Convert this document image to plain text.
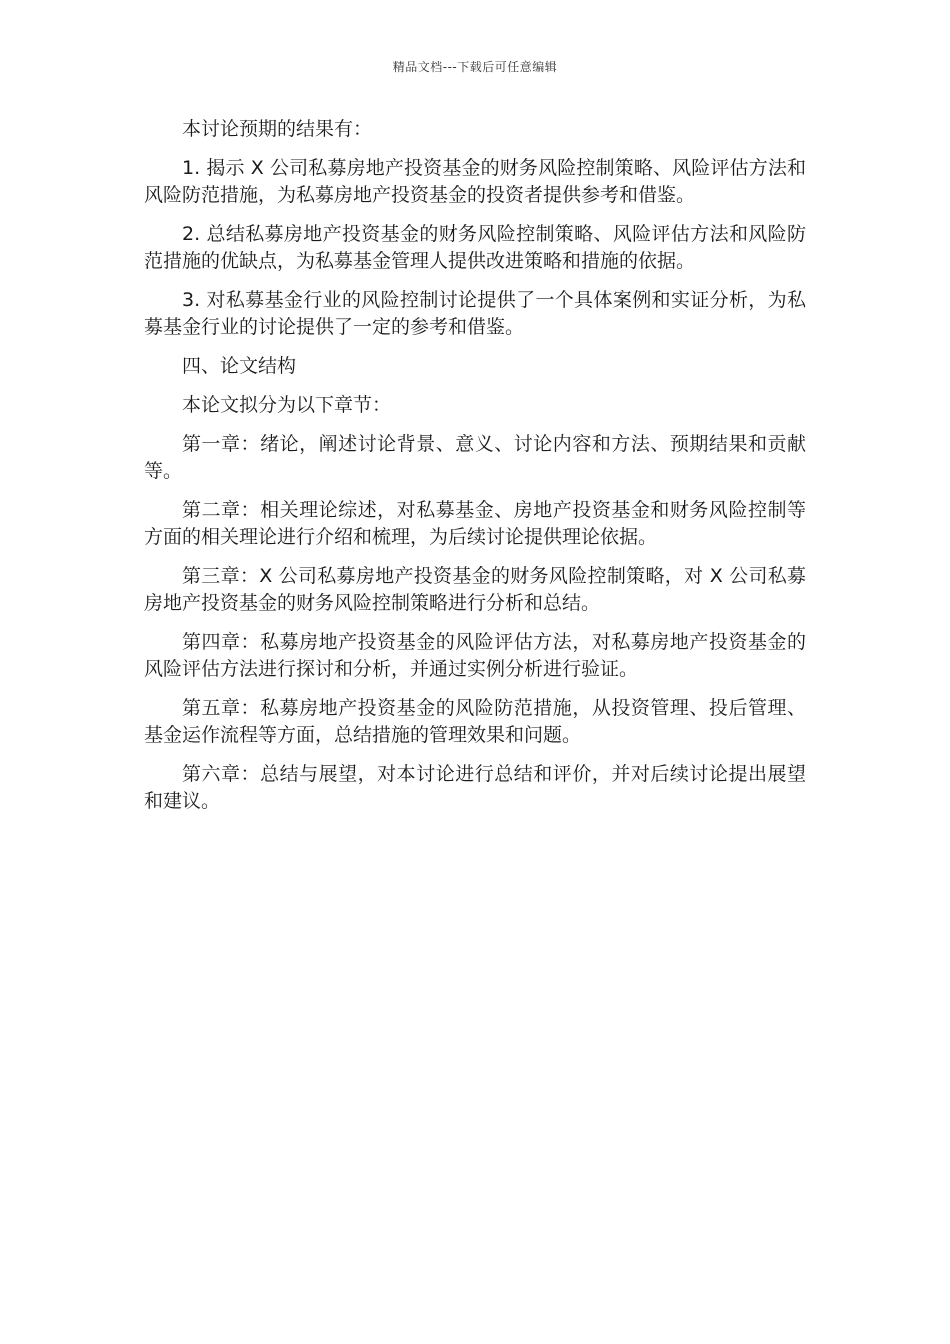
精品文档---下载后可任意编辑

本讨论预期的结果有：

1. 揭示 X 公司私募房地产投资基金的财务风险控制策略、风险评估方法和风险防范措施，为私募房地产投资基金的投资者提供参考和借鉴。

2. 总结私募房地产投资基金的财务风险控制策略、风险评估方法和风险防范措施的优缺点，为私募基金管理人提供改进策略和措施的依据。

3. 对私募基金行业的风险控制讨论提供了一个具体案例和实证分析，为私募基金行业的讨论提供了一定的参考和借鉴。

四、论文结构

本论文拟分为以下章节：

第一章：绪论，阐述讨论背景、意义、讨论内容和方法、预期结果和贡献等。

第二章：相关理论综述，对私募基金、房地产投资基金和财务风险控制等方面的相关理论进行介绍和梳理，为后续讨论提供理论依据。

第三章：X 公司私募房地产投资基金的财务风险控制策略，对 X 公司私募房地产投资基金的财务风险控制策略进行分析和总结。

第四章：私募房地产投资基金的风险评估方法，对私募房地产投资基金的风险评估方法进行探讨和分析，并通过实例分析进行验证。

第五章：私募房地产投资基金的风险防范措施，从投资管理、投后管理、基金运作流程等方面，总结措施的管理效果和问题。

第六章：总结与展望，对本讨论进行总结和评价，并对后续讨论提出展望和建议。
